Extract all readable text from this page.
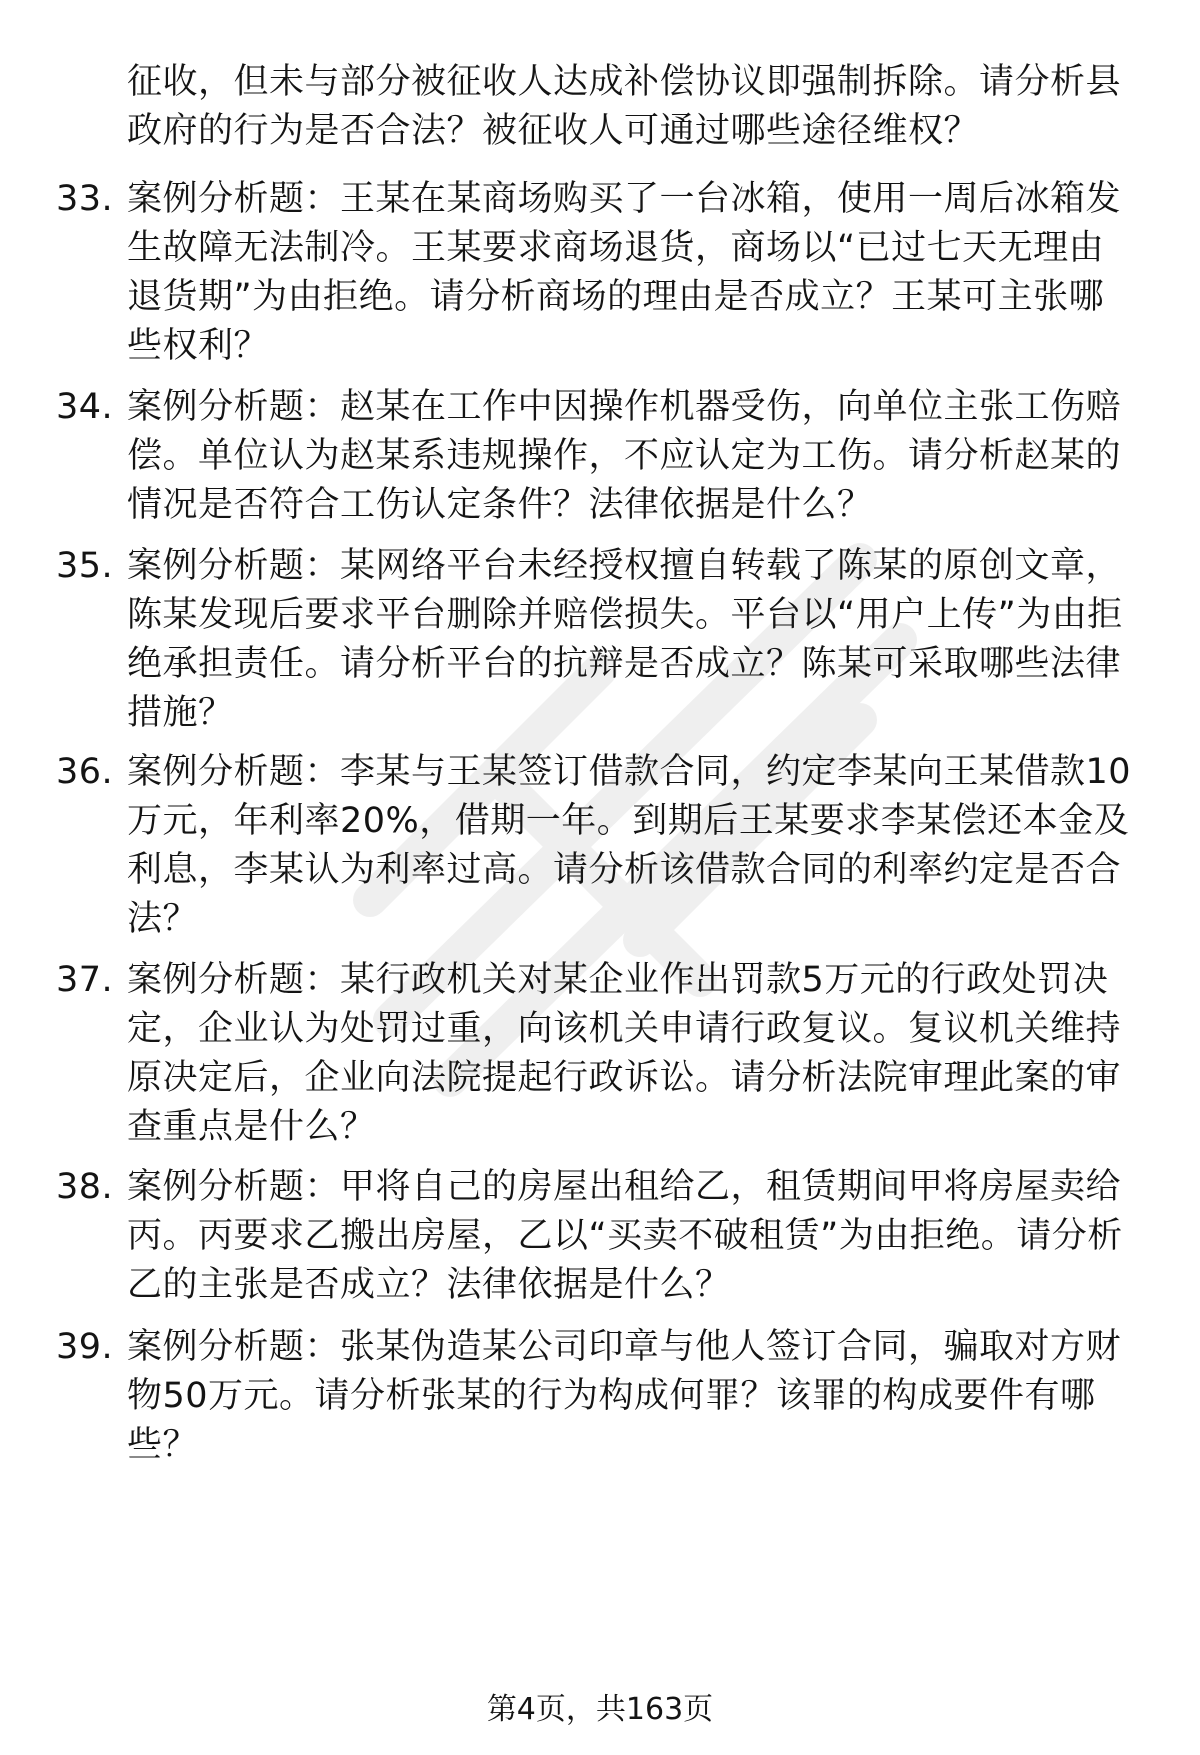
征收，但未与部分被征收人达成补偿协议即强制拆除。请分析县政府的行为是否合法？被征收人可通过哪些途径维权？
33. 案例分析题：王某在某商场购买了一台冰箱，使用一周后冰箱发生故障无法制冷。王某要求商场退货，商场以“已过七天无理由退货期”为由拒绝。请分析商场的理由是否成立？王某可主张哪些权利？
34. 案例分析题：赵某在工作中因操作机器受伤，向单位主张工伤赔偿。单位认为赵某系违规操作，不应认定为工伤。请分析赵某的情况是否符合工伤认定条件？法律依据是什么？
35. 案例分析题：某网络平台未经授权擅自转载了陈某的原创文章，陈某发现后要求平台删除并赔偿损失。平台以“用户上传”为由拒绝承担责任。请分析平台的抗辩是否成立？陈某可采取哪些法律措施？
36. 案例分析题：李某与王某签订借款合同，约定李某向王某借款10万元，年利率20%，借期一年。到期后王某要求李某偿还本金及利息，李某认为利率过高。请分析该借款合同的利率约定是否合法？
37. 案例分析题：某行政机关对某企业作出罚款5万元的行政处罚决定，企业认为处罚过重，向该机关申请行政复议。复议机关维持原决定后，企业向法院提起行政诉讼。请分析法院审理此案的审查重点是什么？
38. 案例分析题：甲将自己的房屋出租给乙，租赁期间甲将房屋卖给丙。丙要求乙搬出房屋，乙以“买卖不破租赁”为由拒绝。请分析乙的主张是否成立？法律依据是什么？
39. 案例分析题：张某伪造某公司印章与他人签订合同，骗取对方财物50万元。请分析张某的行为构成何罪？该罪的构成要件有哪些？
第4页，共163页
